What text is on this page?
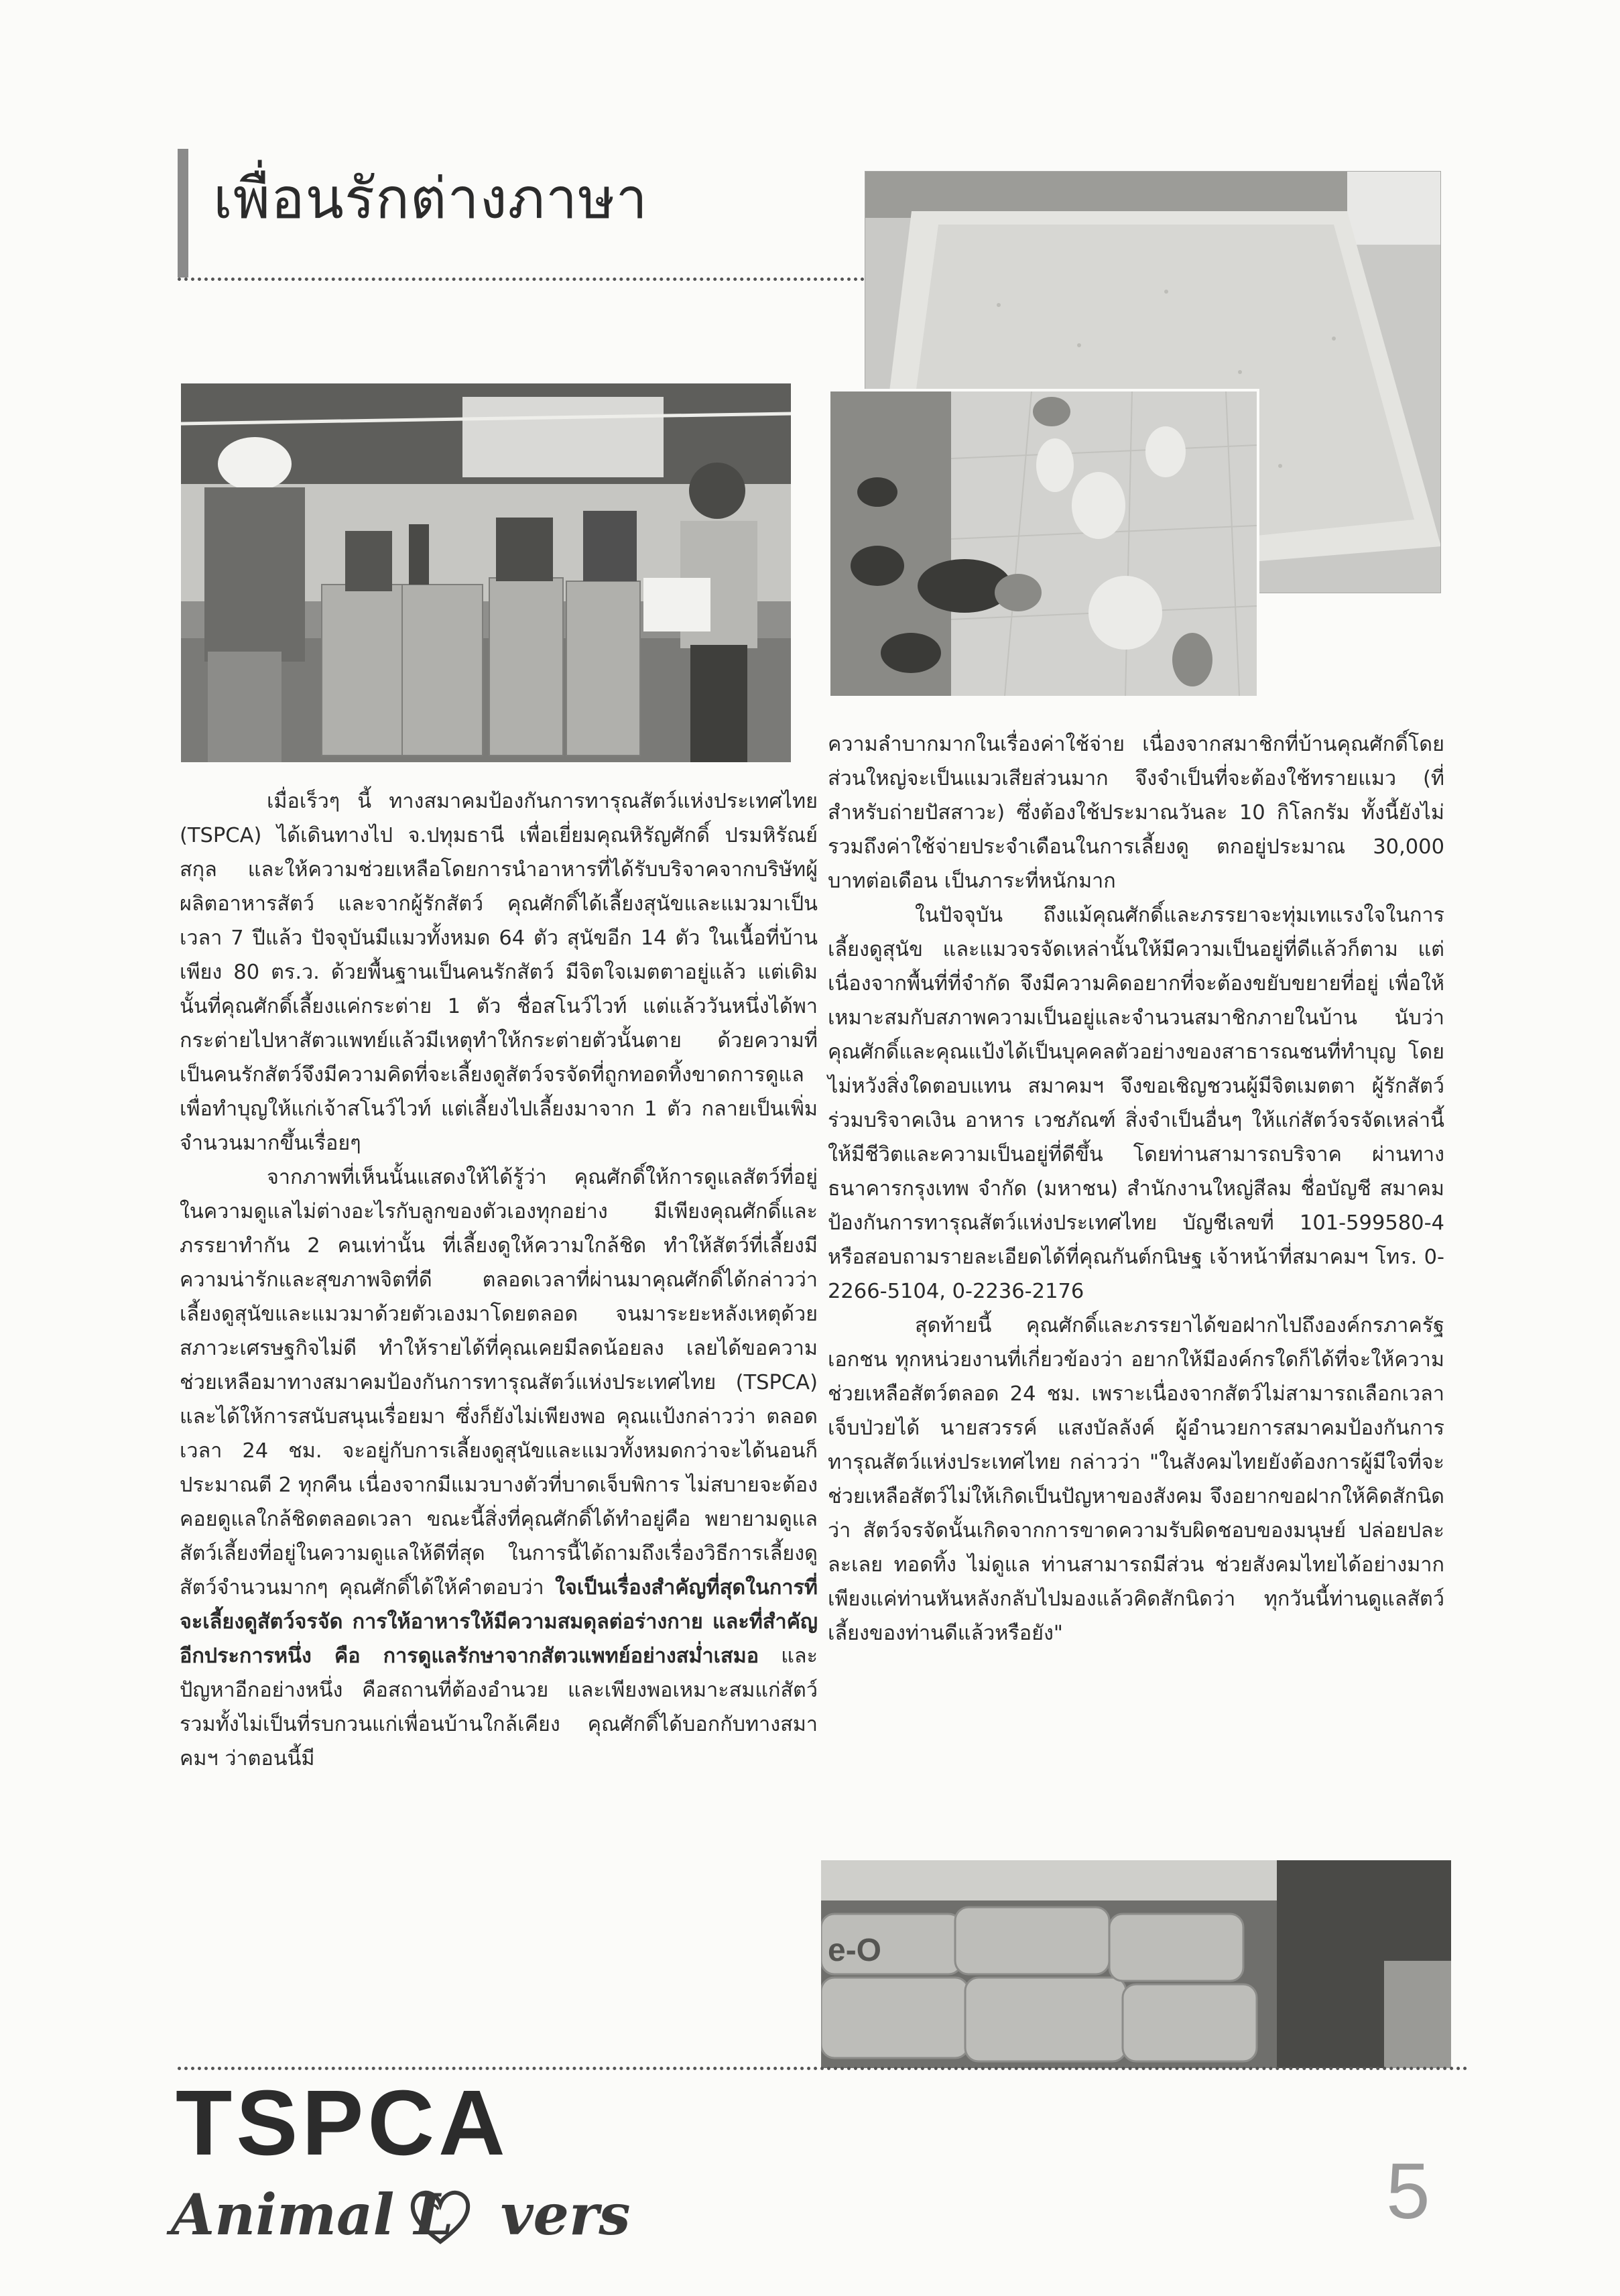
เพื่อนรักต่างภาษา
e-O

เมื่อเร็วๆ นี้ ทางสมาคมป้องกันการทารุณสัตว์แห่งประเทศไทย (TSPCA) ได้เดินทางไป จ.ปทุมธานี เพื่อเยี่ยมคุณหิรัญศักดิ์ ปรมหิรัณย์สกุล และให้ความช่วยเหลือโดยการนำอาหารที่ได้รับบริจาคจากบริษัทผู้ผลิตอาหารสัตว์ และจากผู้รักสัตว์ คุณศักดิ์ได้เลี้ยงสุนัขและแมวมาเป็นเวลา 7 ปีแล้ว ปัจจุบันมีแมวทั้งหมด 64 ตัว สุนัขอีก 14 ตัว ในเนื้อที่บ้านเพียง 80 ตร.ว. ด้วยพื้นฐานเป็นคนรักสัตว์ มีจิตใจเมตตาอยู่แล้ว แต่เดิมนั้นที่คุณศักดิ์เลี้ยงแค่กระต่าย 1 ตัว ชื่อสโนว์ไวท์ แต่แล้ววันหนึ่งได้พากระต่ายไปหาสัตวแพทย์แล้วมีเหตุทำให้กระต่ายตัวนั้นตาย ด้วยความที่เป็นคนรักสัตว์จึงมีความคิดที่จะเลี้ยงดูสัตว์จรจัดที่ถูกทอดทิ้งขาดการดูแล เพื่อทำบุญให้แก่เจ้าสโนว์ไวท์ แต่เลี้ยงไปเลี้ยงมาจาก 1 ตัว กลายเป็นเพิ่มจำนวนมากขึ้นเรื่อยๆ

จากภาพที่เห็นนั้นแสดงให้ได้รู้ว่า คุณศักดิ์ให้การดูแลสัตว์ที่อยู่ในความดูแลไม่ต่างอะไรกับลูกของตัวเองทุกอย่าง มีเพียงคุณศักดิ์และภรรยาทำกัน 2 คนเท่านั้น ที่เลี้ยงดูให้ความใกล้ชิด ทำให้สัตว์ที่เลี้ยงมีความน่ารักและสุขภาพจิตที่ดี ตลอดเวลาที่ผ่านมาคุณศักดิ์ได้กล่าวว่า เลี้ยงดูสุนัขและแมวมาด้วยตัวเองมาโดยตลอด จนมาระยะหลังเหตุด้วยสภาวะเศรษฐกิจไม่ดี ทำให้รายได้ที่คุณเคยมีลดน้อยลง เลยได้ขอความช่วยเหลือมาทางสมาคมป้องกันการทารุณสัตว์แห่งประเทศไทย (TSPCA) และได้ให้การสนับสนุนเรื่อยมา ซึ่งก็ยังไม่เพียงพอ คุณแป้งกล่าวว่า ตลอดเวลา 24 ชม. จะอยู่กับการเลี้ยงดูสุนัขและแมวทั้งหมดกว่าจะได้นอนก็ประมาณตี 2 ทุกคืน เนื่องจากมีแมวบางตัวที่บาดเจ็บพิการ ไม่สบายจะต้องคอยดูแลใกล้ชิดตลอดเวลา ขณะนี้สิ่งที่คุณศักดิ์ได้ทำอยู่คือ พยายามดูแลสัตว์เลี้ยงที่อยู่ในความดูแลให้ดีที่สุด ในการนี้ได้ถามถึงเรื่องวิธีการเลี้ยงดูสัตว์จำนวนมากๆ คุณศักดิ์ได้ให้คำตอบว่า ใจเป็นเรื่องสำคัญที่สุดในการที่จะเลี้ยงดูสัตว์จรจัด การให้อาหารให้มีความสมดุลต่อร่างกาย และที่สำคัญอีกประการหนึ่ง คือ การดูแลรักษาจากสัตวแพทย์อย่างสม่ำเสมอ และปัญหาอีกอย่างหนึ่ง คือสถานที่ต้องอำนวย และเพียงพอเหมาะสมแก่สัตว์ รวมทั้งไม่เป็นที่รบกวนแก่เพื่อนบ้านใกล้เคียง คุณศักดิ์ได้บอกกับทางสมาคมฯ ว่าตอนนี้มี

ความลำบากมากในเรื่องค่าใช้จ่าย เนื่องจากสมาชิกที่บ้านคุณศักดิ์โดยส่วนใหญ่จะเป็นแมวเสียส่วนมาก จึงจำเป็นที่จะต้องใช้ทรายแมว (ที่สำหรับถ่ายปัสสาวะ) ซึ่งต้องใช้ประมาณวันละ 10 กิโลกรัม ทั้งนี้ยังไม่รวมถึงค่าใช้จ่ายประจำเดือนในการเลี้ยงดู ตกอยู่ประมาณ 30,000 บาทต่อเดือน เป็นภาระที่หนักมาก

ในปัจจุบัน ถึงแม้คุณศักดิ์และภรรยาจะทุ่มเทแรงใจในการเลี้ยงดูสุนัข และแมวจรจัดเหล่านั้นให้มีความเป็นอยู่ที่ดีแล้วก็ตาม แต่เนื่องจากพื้นที่ที่จำกัด จึงมีความคิดอยากที่จะต้องขยับขยายที่อยู่ เพื่อให้เหมาะสมกับสภาพความเป็นอยู่และจำนวนสมาชิกภายในบ้าน นับว่าคุณศักดิ์และคุณแป้งได้เป็นบุคคลตัวอย่างของสาธารณชนที่ทำบุญ โดยไม่หวังสิ่งใดตอบแทน สมาคมฯ จึงขอเชิญชวนผู้มีจิตเมตตา ผู้รักสัตว์ร่วมบริจาคเงิน อาหาร เวชภัณฑ์ สิ่งจำเป็นอื่นๆ ให้แก่สัตว์จรจัดเหล่านี้ให้มีชีวิตและความเป็นอยู่ที่ดีขึ้น โดยท่านสามารถบริจาค ผ่านทางธนาคารกรุงเทพ จำกัด (มหาชน) สำนักงานใหญ่สีลม ชื่อบัญชี สมาคมป้องกันการทารุณสัตว์แห่งประเทศไทย บัญชีเลขที่ 101-599580-4 หรือสอบถามรายละเอียดได้ที่คุณกันต์กนิษฐ เจ้าหน้าที่สมาคมฯ โทร. 0-2266-5104, 0-2236-2176

สุดท้ายนี้ คุณศักดิ์และภรรยาได้ขอฝากไปถึงองค์กรภาครัฐ เอกชน ทุกหน่วยงานที่เกี่ยวข้องว่า อยากให้มีองค์กรใดก็ได้ที่จะให้ความช่วยเหลือสัตว์ตลอด 24 ชม. เพราะเนื่องจากสัตว์ไม่สามารถเลือกเวลาเจ็บป่วยได้ นายสวรรค์ แสงบัลลังค์ ผู้อำนวยการสมาคมป้องกันการทารุณสัตว์แห่งประเทศไทย กล่าวว่า "ในสังคมไทยยังต้องการผู้มีใจที่จะช่วยเหลือสัตว์ไม่ให้เกิดเป็นปัญหาของสังคม จึงอยากขอฝากให้คิดสักนิดว่า สัตว์จรจัดนั้นเกิดจากการขาดความรับผิดชอบของมนุษย์ ปล่อยปละ ละเลย ทอดทิ้ง ไม่ดูแล ท่านสามารถมีส่วน ช่วยสังคมไทยได้อย่างมาก เพียงแค่ท่านหันหลังกลับไปมองแล้วคิดสักนิดว่า ทุกวันนี้ท่านดูแลสัตว์เลี้ยงของท่านดีแล้วหรือยัง"

TSPCA
Animal L vers	5
